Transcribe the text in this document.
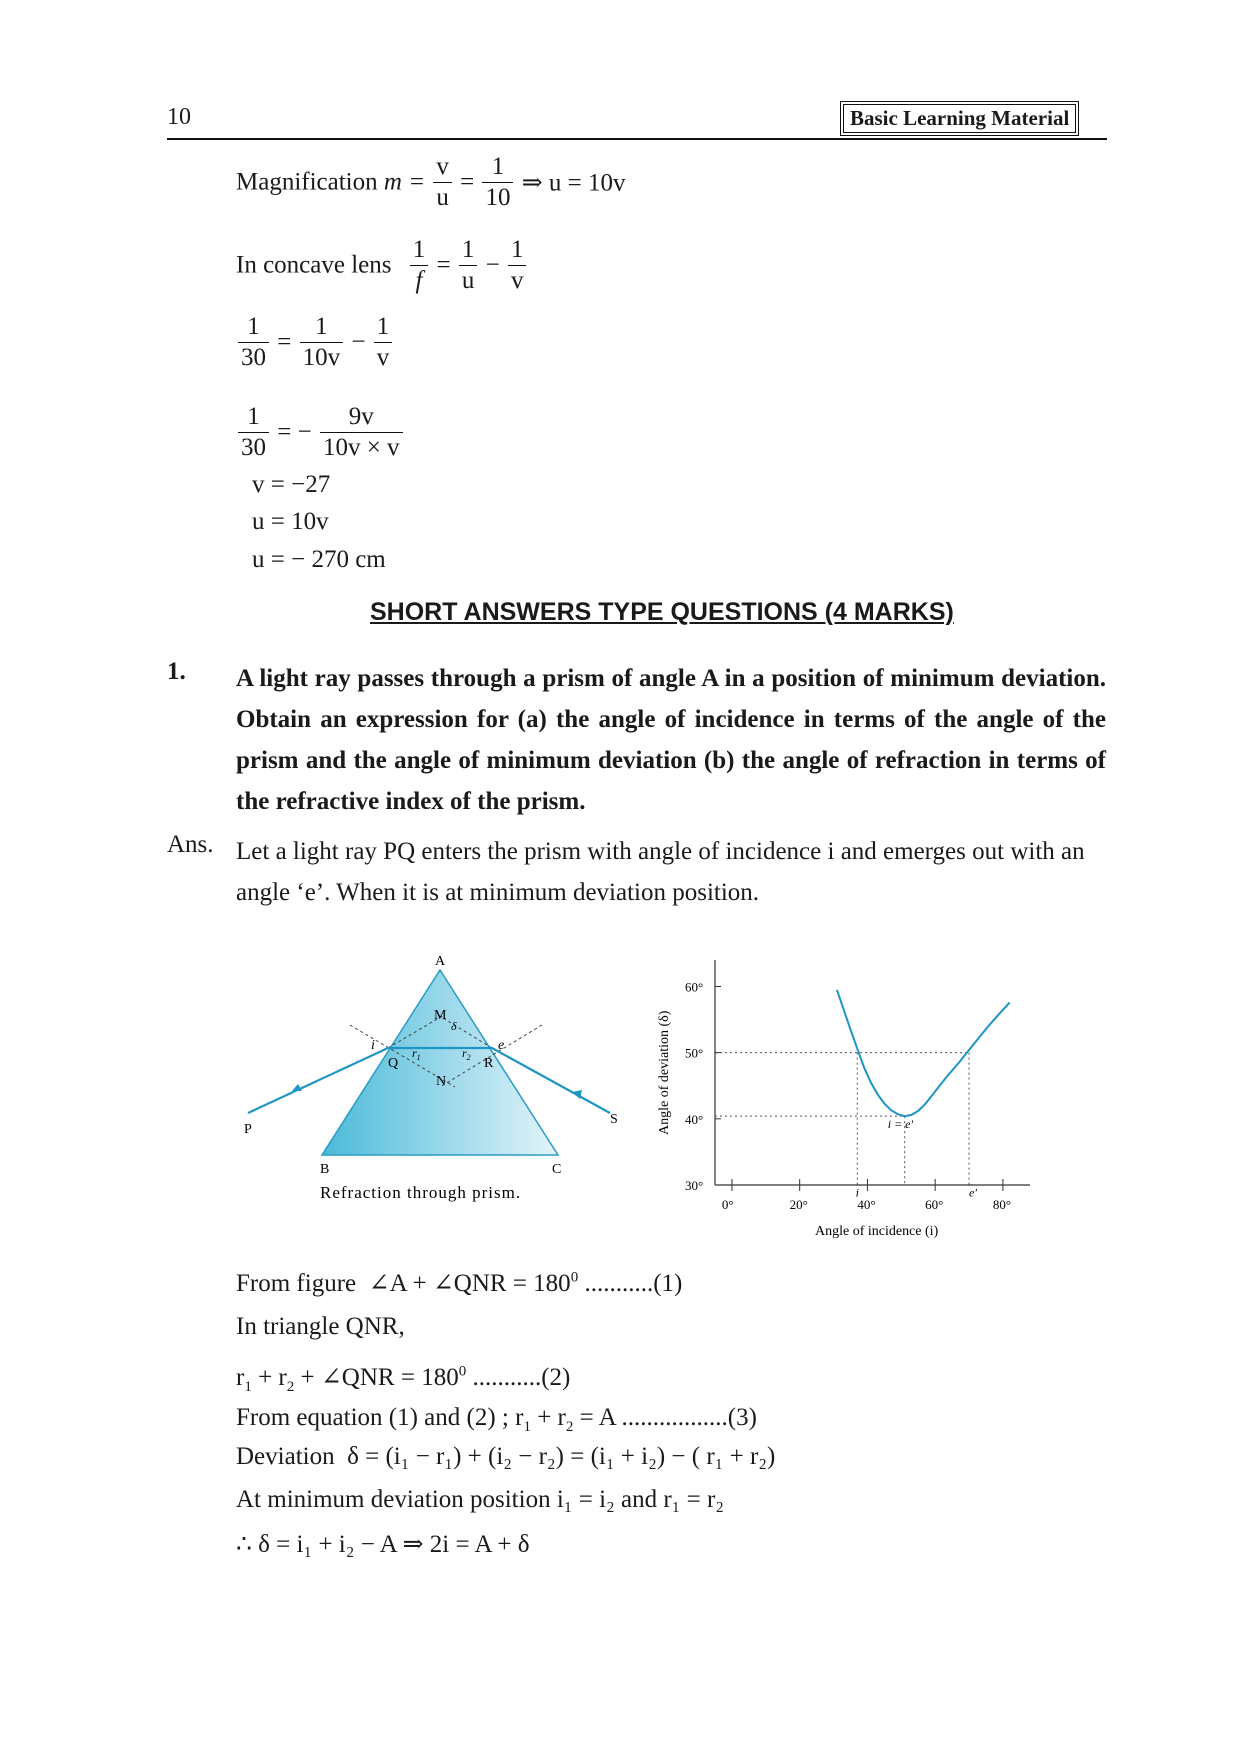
10	Basic Learning Material
Magnification $m = \frac{v}{u} = \frac{1}{10}$ ⇒ u = 10v
In concave lens $\frac{1}{f} = \frac{1}{u} - \frac{1}{v}$
$\frac{1}{30} = \frac{1}{10v} - \frac{1}{v}$
$\frac{1}{30}$ = − $\frac{9v}{10v \times v}$
v = −27
u = 10v
u = − 270 cm
SHORT ANSWERS TYPE QUESTIONS (4 MARKS)
1. A light ray passes through a prism of angle A in a position of minimum deviation. Obtain an expression for (a) the angle of incidence in terms of the angle of the prism and the angle of minimum deviation (b) the angle of refraction in terms of the refractive index of the prism.
Ans. Let a light ray PQ enters the prism with angle of incidence i and emerges out with an angle ‘e’. When it is at minimum deviation position.
A
B	C
P
S
Q	R
M
N
i	e
δ
$r_1$	$r_2$
Refraction through prism.	30°
40°
50°
60°
0°	20°	40°	60°	80°
i = e′
i	e′
Angle of incidence (i)
Angle of deviation (δ)
From figure ∠A + ∠QNR = $180^0$ ...........(1)
In triangle QNR,
$r_1 + r_2$ + ∠QNR = $180^0$ ...........(2)
From equation (1) and (2) ; $r_1 + r_2 = A$ .................(3)
Deviation δ = (i₁ − r₁) + (i₂ − r₂) = (i₁ + i₂) − ( r₁ + r₂)
At minimum deviation position i₁ = i₂ and r₁ = r₂
∴ δ = i₁ + i₂ − A ⇒ 2i = A + δ
